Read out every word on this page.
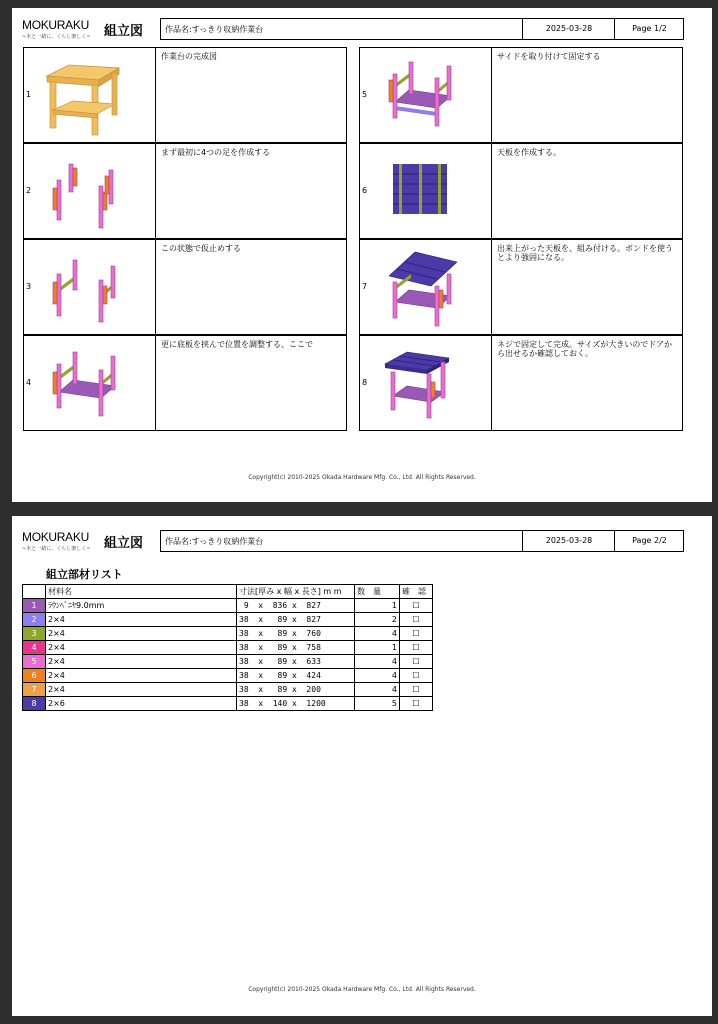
MOKURAKU
~木と一緒に、くらし楽しく~ 組立図	作品名:すっきり収納作業台	2025-03-28	Page 1/2
1
作業台の完成図
2
まず最初に4つの足を作成する
3
この状態で仮止めする
4
更に底板を挟んで位置を調整する、ここで
5
サイドを取り付けて固定する
6
天板を作成する。
7
出来上がった天板を、組み付ける。ボンドを使うとより強固になる。
8
ネジで固定して完成。サイズが大きいのでドアから出せるか確認しておく。
Copyright(c) 2010-2025 Okada Hardware Mfg. Co., Ltd. All Rights Reserved.
MOKURAKU
~木と一緒に、くらし楽しく~ 組立図	作品名:すっきり収納作業台	2025-03-28	Page 2/2
組立部材リスト
	材料名	寸法[厚み x 幅 x 長さ] m m	数　量	確　認
1	ﾗｳﾝﾍﾞﾆﾔ9.0mm	9  x  836 x  827	1	☐
2	2×4	38  x   89 x  827	2	☐
3	2×4	38  x   89 x  760	4	☐
4	2×4	38  x   89 x  758	1	☐
5	2×4	38  x   89 x  633	4	☐
6	2×4	38  x   89 x  424	4	☐
7	2×4	38  x   89 x  200	4	☐
8	2×6	38  x  140 x  1200	5	☐
Copyright(c) 2010-2025 Okada Hardware Mfg. Co., Ltd. All Rights Reserved.
